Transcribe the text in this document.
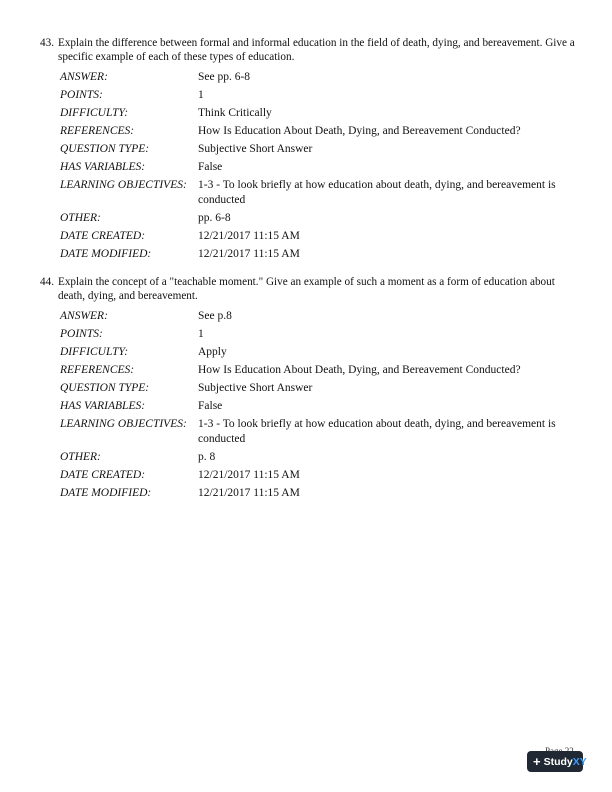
43. Explain the difference between formal and informal education in the field of death, dying, and bereavement. Give a specific example of each of these types of education.
ANSWER:	See pp. 6-8
POINTS:	1
DIFFICULTY:	Think Critically
REFERENCES:	How Is Education About Death, Dying, and Bereavement Conducted?
QUESTION TYPE:	Subjective Short Answer
HAS VARIABLES:	False
LEARNING OBJECTIVES: 1-3 - To look briefly at how education about death, dying, and bereavement is conducted
OTHER:	pp. 6-8
DATE CREATED:	12/21/2017 11:15 AM
DATE MODIFIED:	12/21/2017 11:15 AM
44. Explain the concept of a "teachable moment." Give an example of such a moment as a form of education about death, dying, and bereavement.
ANSWER:	See p.8
POINTS:	1
DIFFICULTY:	Apply
REFERENCES:	How Is Education About Death, Dying, and Bereavement Conducted?
QUESTION TYPE:	Subjective Short Answer
HAS VARIABLES:	False
LEARNING OBJECTIVES: 1-3 - To look briefly at how education about death, dying, and bereavement is conducted
OTHER:	p. 8
DATE CREATED:	12/21/2017 11:15 AM
DATE MODIFIED:	12/21/2017 11:15 AM
+ Study XY
